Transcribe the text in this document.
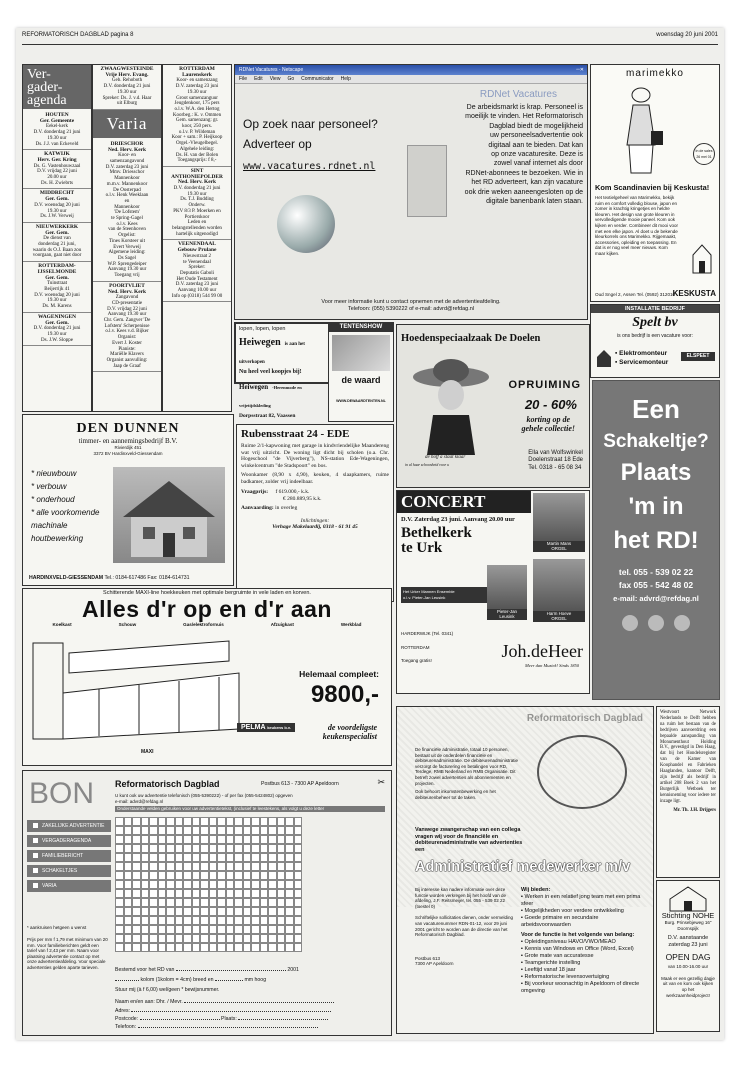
REFORMATORISCH DAGBLAD pagina 8	woensdag 20 juni 2001
Ver-
gader-
agenda
HOUTEN
Ger. Gemeente
Eekel-kerk
D.V. donderdag 21 juni
19.30 uur
Ds. J.J. van Eckeveld
KATWIJK
Herv. Ger. Kring
Ds. G. Vastenhouwzaal
D.V. vrijdag 22 juni
20.00 uur
Ds. H. Zwiebrts
MIDDRECHT
Ger. Gem.
D.V. woensdag 20 juni
19.30 uur
Ds. J.W. Verweij
NIEUWERKERK
Ger. Gem.
De dienst van
donderdag 21 juni,
waarin ds O.J. Baan zou
voorgaan, gaat niet door
ROTTERDAM-IJSSELMONDE
Ger. Gem.
Tuinstraat
Beijerrijk 41
D.V. woensdag 20 juni
19.30 uur
Ds. M. Karens
WAGENINGEN
Ger. Gem.
D.V. donderdag 21 juni
19.30 uur
Ds. J.W. Sloppe
ZWAAGWESTEINDE
Vrije Herv. Evang.
Geb. Rehoboth
D.V. donderdag 21 juni
19.30 uur
Spreker: Ds. J. v.d. Haar
uit Elburg
Varia
DRIESCHOR
Ned. Herv. Kerk
Koor- en
samenzangavond
D.V. zaterdag 23 juni
Mmv. Driesschor
Mannenkoor
m.m.v. Mannenkoor
De Oosterpad
o.l.v. Henk Weeklaan
en
Mannenkoor
'De Lofstem'
te Spring-Gagel
o.l.v. Kees
van de Steenhoven
Orgelist:
Tines Korsteer uit
Evert Verweij
Algemene leiding:
Ds Sagel
W.P. Sprengedeiper
Aanvang 19.30 uur
Toegang vrij
POORTVLIET
Ned. Herv. Kerk
Zangavond
CD-presentatie
D.V. vrijdag 22 juni
Aanvang 19.30 uur
Chr. Gem. Zangver 'De
Lofstem' Scherpenisse
o.l.v. Kees v.d. Bijker
Organist:
Evert J. Koster
Pianiste:
Mariëlle Klavers
Organist aanvulling:
Jaap de Graaf
ROTTERDAM
Laurenskerk
Koor- en samenzang
D.V. zaterdag 23 juni
19.30 uur
Groot samenzanguur
Jeugdenkoor, 175 pers
o.l.v. W.A. den Hertog
Koorbeg.: K. v. Ommen
Gem. samenzang: gr.
koor, 250 pers.
o.l.v. P. Wildeman
Koor + sam.: P. Heijkoop
Orgel.-Vleugelbegel.
Algehele leiding:
Ds. H. van der Bolen
Toegangsprijs: f 8,-
SINT ANTHONIEPOLDER
Ned. Herv. Kerk
D.V. donderdag 21 juni
19.30 uur
Ds. T.J. Budding
Onderw.
PKV 8/3 P. Moerken en
Portierskoor
Leden en
belangstellenden worden
hartelijk uitgenodigd
VEENENDAAL
Gebouw Prulane
Nieuwstraat 2
te Veenendaal
Spreker:
Deputatis Gaboli
Het Oude Testament
D.V. zaterdag 23 juni
Aanvang 10.00 uur
Info op (0318) 544 99 00
RDNet Vacatures - Netscape	▫▫✕
File Edit View Go Communicator Help
RDNet Vacatures
Op zoek naar personeel?
Adverteer op
www.vacatures.rdnet.nl
De arbeidsmarkt is krap. Personeel is
moeilijk te vinden. Het Reformatorisch
Dagblad biedt de mogelijkheid
uw personeelsadvertentie ook
digitaal aan te bieden. Dat kan
op onze vacaturesite. Deze is
zowel vanaf internet als door
RDNet-abonnees te bezoeken. Wie in
het RD adverteert, kan zijn vacature
ook drie weken aaneengesloten op de
digitale banenbank laten staan.
Voor meer informatie kunt u contact opnemen met de advertentieafdeling.
Telefoon: (055) 5390222 of e-mail: advrd@refdag.nl
marimekko
In de sales 26 mei 01
Kom Scandinavien bij Keskusta!
Het textielgeheel van Marimekko, bekijk ruim en comfort volledig blouse, japon en zomer in krachtig kringetjes en heldre kleuren. Het design van grote kleuren in vervolledigende mooie paneel. Kom ook kijken en verder. Combineer dit mooi voor met een elke japon. Al doet u de bekende kleurkorrels ons Marimekko. Rijgemaakt, accessories, opleiding en toepassing. En dat is er nog veel meer nieuws. Kom maar kijken.
Oud Sngel 2, Assen Tel. (0592) 312010
KESKUSTA
INSTALLATIE BEDRIJF
Spelt bv
is ons bedrijf is een vacature voor:
▪ Elektromonteur
▪ Servicemonteur
ELSPEET
lopen, lopen, lopen
Heiwegen is aan het uitverkopen
Nu heel veel koopjes bij!
Heiwegen -Herenmode en vrijetijdskleding
Dorpsstraat 82, Vaassen
TENTENSHOW
de waard
WWW.DEWAARDTENTEN.NL
Hoedenspeciaalzaak De Doelen
OPRUIMING
20 - 60%
korting op de
gehele collectie!
de hoff a staat klaar
in al haar schoonheid voor u
Ella van Wolfswinkel
Doelenstraat 18 Ede
Tel. 0318 - 65 08 34
Een
Schakeltje?
Plaats
'm in
het RD!
tel. 055 - 539 02 22
fax 055 - 542 48 02
e-mail: advrd@refdag.nl
DEN DUNNEN
timmer- en aannemingsbedrijf B.V.
Rivierdijk 451
3372 BV Hardinxveld-Giessendam
* nieuwbouw
* verbouw
* onderhoud
* alle voorkomende machinale houtbewerking
HARDINXVELD-GIESSENDAM Tel.: 0184-617486 Fax: 0184-614731
Rubensstraat 24 - EDE
Ruime 2/1-kapwoning met garage in kindvriendelijke Maandereng wat vrij uitzicht. De woning ligt dicht bij scholen (o.a. Chr. Hogeschool "de Vijverberg"), NS-station Ede-Wageningen, winkelcentrum "de Stadspoort" en bos.
Woonkamer (8,90 x 4,90), keuken, 4 slaapkamers, ruime badkamer, zolder vrij indeelbaar.
Vraagprijs: f 619.000,- k.k.
€ 280.889,95 k.k.
Aanvaarding: in overleg
Inlichtingen:
Verhage Makelaardij, 0318 - 61 91 45
CONCERT
D.V. Zaterdag 23 juni. Aanvang 20.00 uur
Bethelkerk
te Urk
Het Urker Mannen Ensemble
o.l.v. Pieter-Jan Leusink
Martin Mans
ORGEL
Pieter-Jan
Leusink
Harm Hoeve
ORGEL
HARDERWIJK (Tel. 0341)
ROTTERDAM
Toegang gratis!	Joh.deHeer
Meer dan Muziek! Sinds 1850
Schitterende MAXI-line hoekkeuken met optimale bergruimte in vele laden en korven.
Alles d'r op en d'r aan
Koelkast	Schouw	Gas/elektrofornuis	Afzuigkast	Werkblad
MAXI
Helemaal compleet:
9800,-
PELMA keukens b.v.	de voordeligste keukenspecialist
BON Reformatorisch Dagblad	Postbus 613 - 7300 AP Apeldoorn	✂
U kunt ook uw advertentie telefonisch (055-5390222) - of per fax (055-5424802) opgeven
e-mail: advrd@refdag.nl
Onderstaande velden gebruiken voor uw advertentietekst, (inclusief te leestekens, als volgt u deze letter
ZAKELIJKE ADVERTENTIE
VERGADERAGENDA
FAMILIEBERICHT
SCHAKELTJES
VARIA
* aankruisen hetgeen u wenst
Prijs per mm f 1,79 met minimum van 20 mm. Voor familieberichten geldt een tarief van f 2,43 per mm. Naam voor plaatsing advertentie contact op met onze advertentieafdeling. Voor speciale advertenties gelden aparte tarieven.	Bestemd voor het RD van	2001
kolom (1kolom = 4cm) breed en	mm hoog
Stuur mij (à f 6,00) wel/geen * bewijsnummer.
Naam en/en aan: Dhr. / Mevr.
Adres:
Postcode:	Plaats:
Telefoon:
De financiële administratie, totaal 10 personen, bestaat uit de onderdelen financiële en debiteurenadministratie. De debiteurenadministratie verzorgt de facturering en betalingen voor RD, Terdege, RMB Nederland en RMB Organisatie. Dit betreft zowel advertenties als abonnementen en projecten.
Ook behoort inkomstenbewerking en het debiteurenbeheer tot de taken.
Vanwege zwangerschap van een collega vragen wij voor de financiële en debiteurenadministratie van advertenties een
Administratief medewerker m/v
Bij interesse kan nadere informatie over deze functie worden verkregen bij het hoofd van de afdeling, J.F. Reitsmeijer, tel. 055 - 539 02 22 (toestel 0)
Schriftelijke sollicitaties dienen, onder vermelding van vacaturenummer RDN-01-12, voor 29 juni 2001 gericht te worden aan de directie van het Reformatorisch Dagblad.
Postbus 613
7300 AP Apeldoorn
Wij bieden:
▪ Werken in een relatief jong team met een prima sfeer
▪ Mogelijkheden voor verdere ontwikkeling
▪ Goede primaire en secundaire arbeidsvoorwaarden
Voor de functie is het volgende van belang:
▪ Opleidingsniveau HAVO/VWO/MEAO
▪ Kennis van Windows en Office (Word, Excel)
▪ Grote mate van accuratesse
▪ Teamgerichte instelling
▪ Leeftijd vanaf 18 jaar
▪ Reformatorische levensovertuiging
▪ Bij voorkeur woonachtig in Apeldoorn of directe omgeving
Westvoort Network Nederlands te Delft hebben na ruim het bestaan van de bedrijven aanvoerdring een bepaalde aanspanding van Monumenthout Holding B.V., gevestigd in Den Haag, dat bij het Hondelsregister van de Kamer van Koophandel en Fabrieken Haaglanden, kantoor Delft, zijn bedrijf als bedrijf in artikel 208 Boek 2 van het Burgerlijk Wetboek ter kennisneming voor iedere ter inzage ligt.
Mr. Th. J.H. Drijgers
Stichting NOHE
Burg. Prinsebjeweg 16"
Doornspijk
D.V. aanstaande
zaterdag 23 juni
OPEN DAG
van 10.00-16.00 uur
Maak er een gezellig dagje uit van en kom ook kijken op het werkzaamheidproject!
